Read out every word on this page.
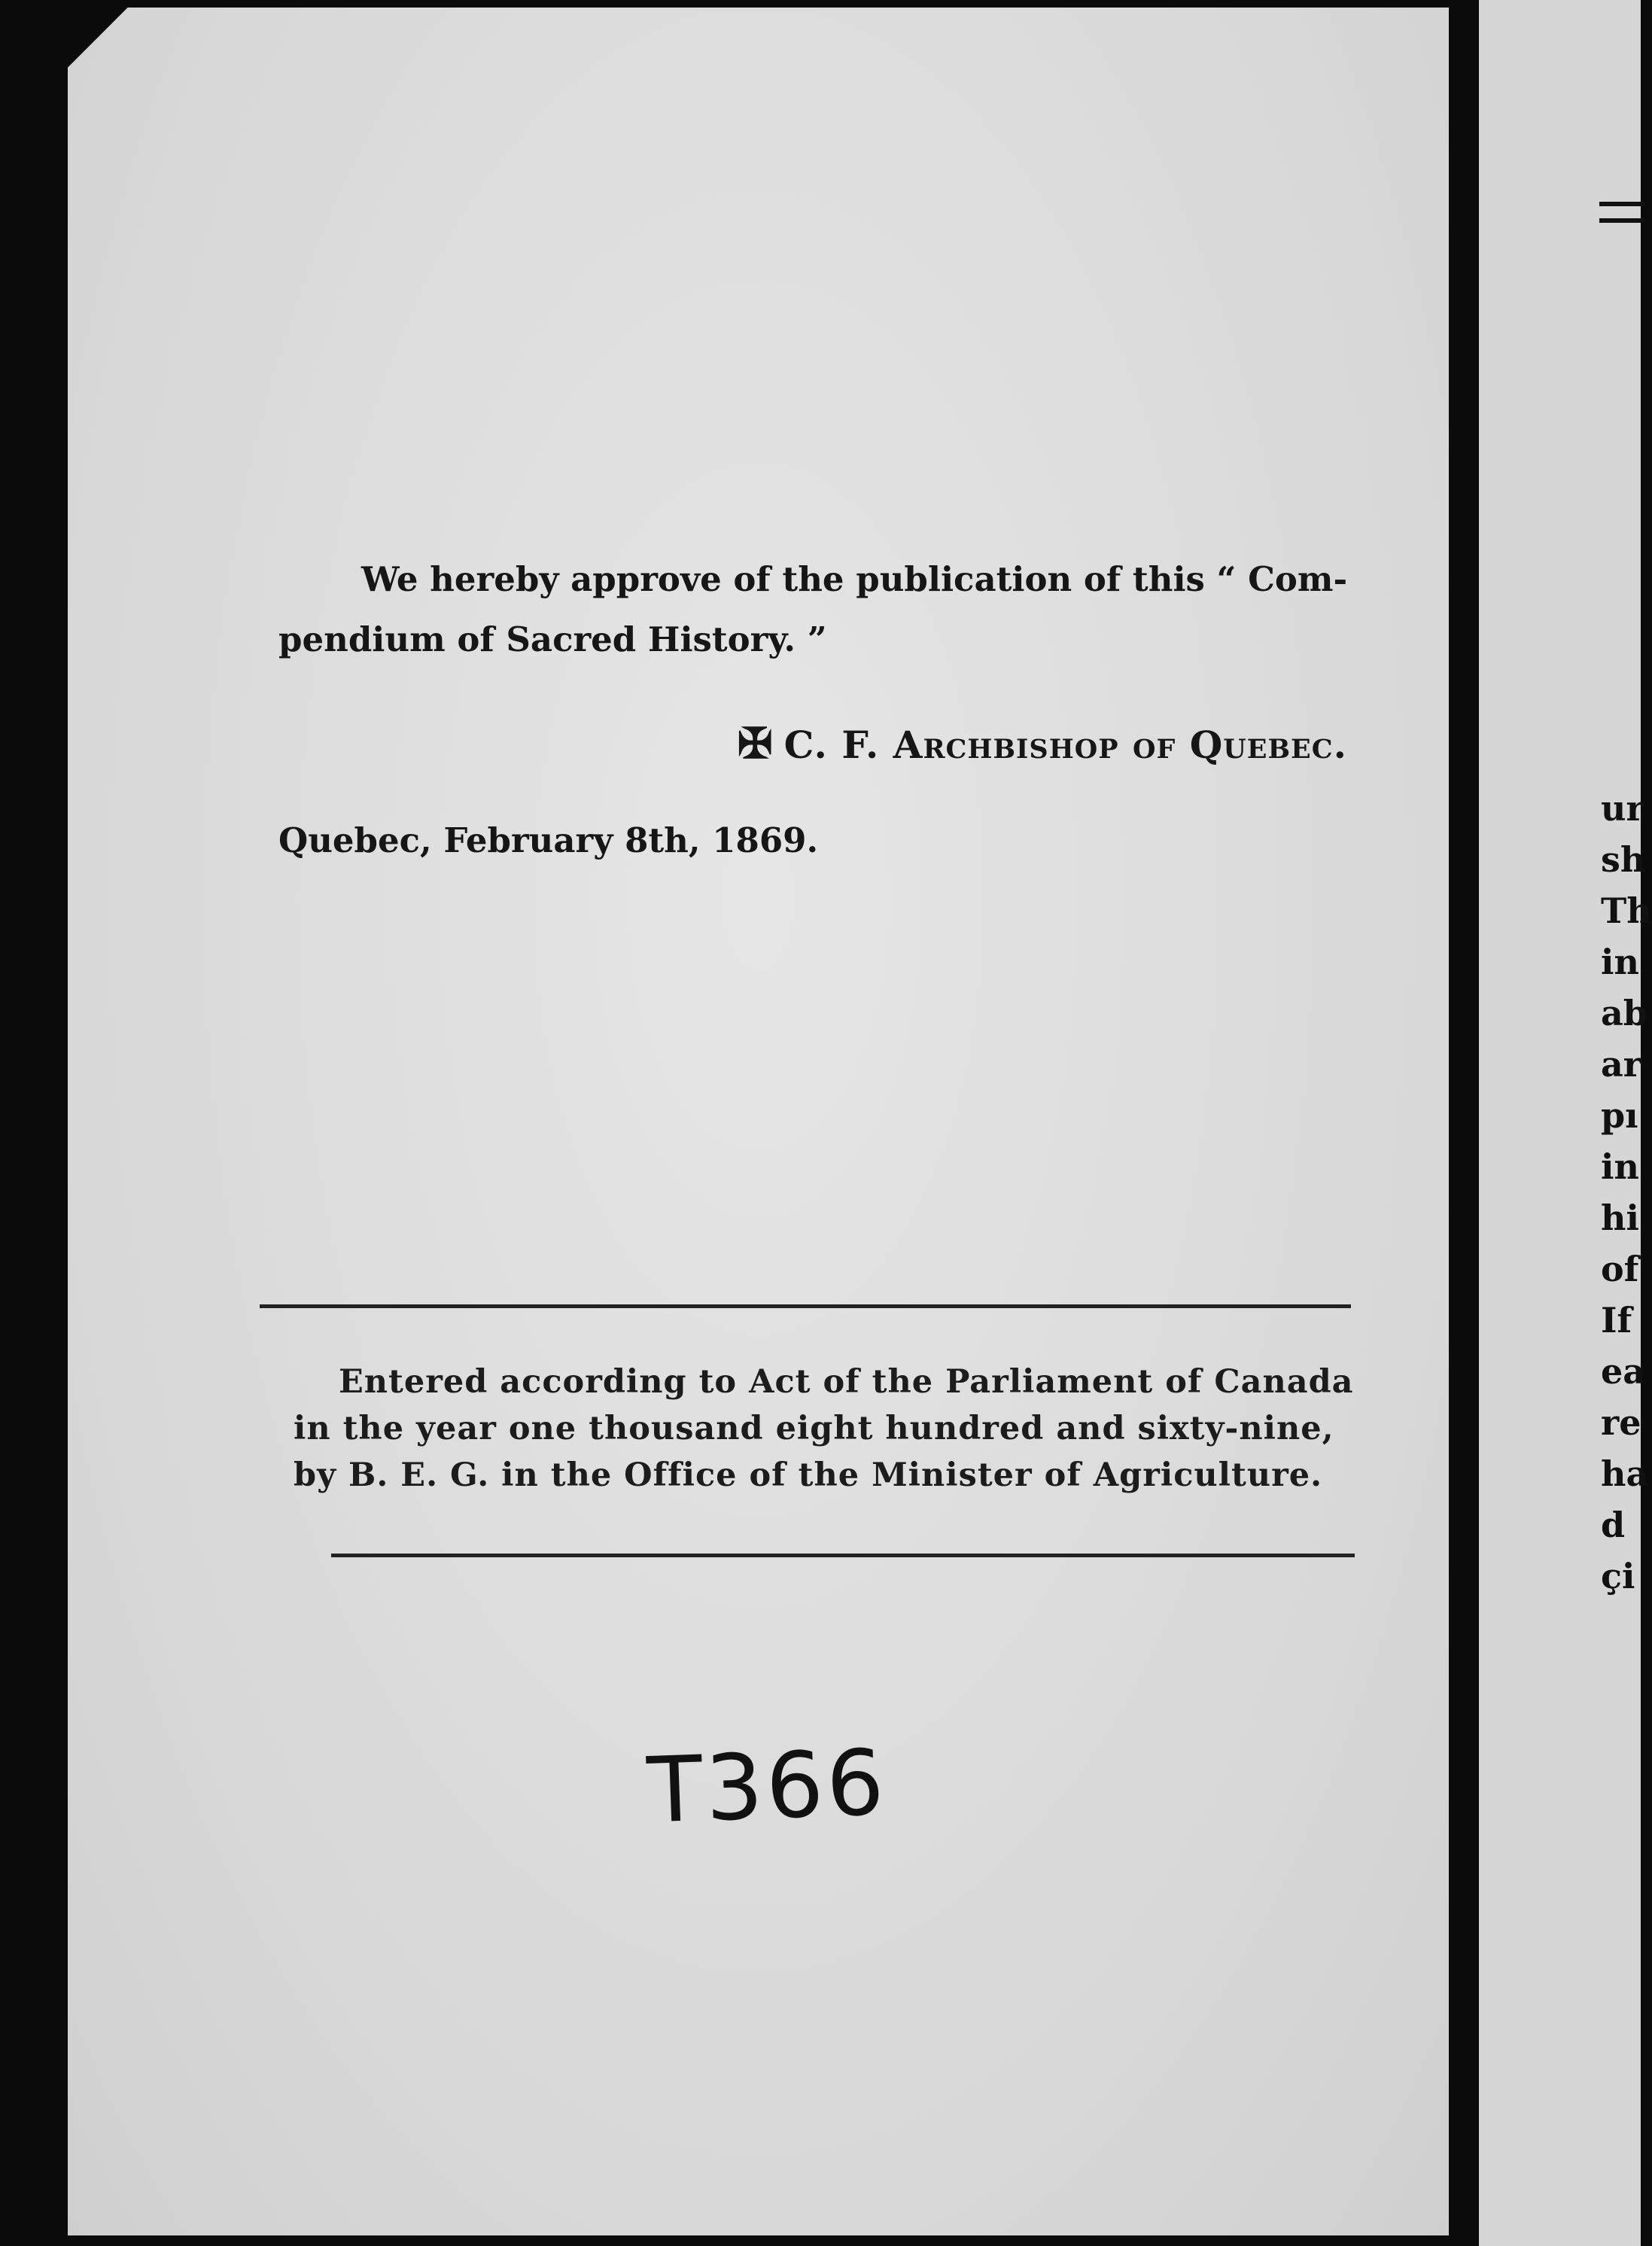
ur
sh
Th
in
ab
ar
pı
in
hi
of
If
ea
re
ha
d
çi
We hereby approve of the publication of this “ Com-
pendium of Sacred History. ”
✠ C. F. Archbishop of Quebec.
Quebec, February 8th, 1869.
Entered according to Act of the Parliament of Canada
in the year one thousand eight hundred and sixty-nine,
by B. E. G. in the Office of the Minister of Agriculture.
T366
